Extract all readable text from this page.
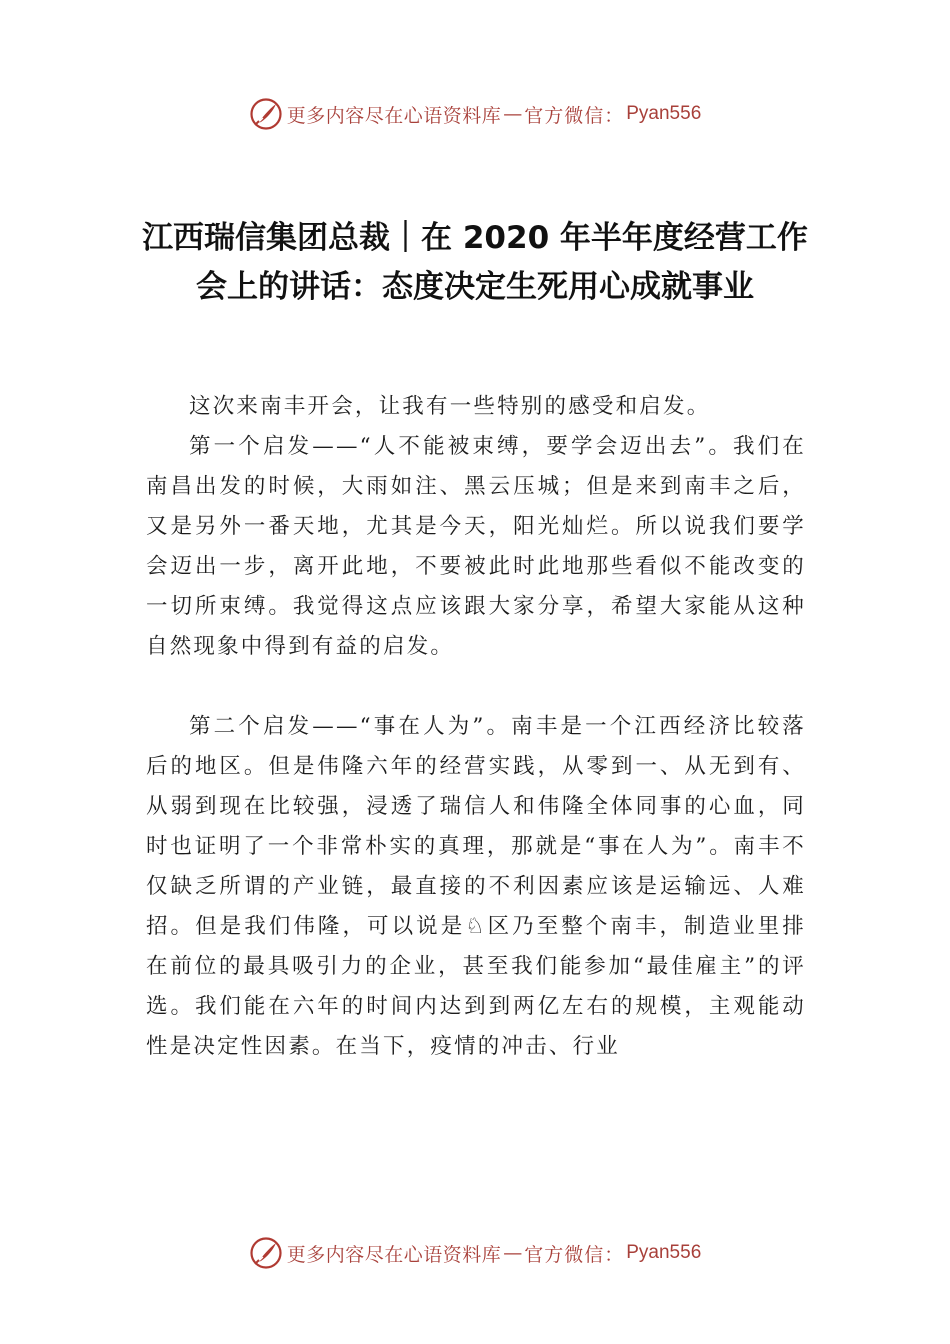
更多内容尽在心语资料库 — 官方微信： Pyan556
江西瑞信集团总裁｜在 2020 年半年度经营工作会上的讲话：态度决定生死用心成就事业

这次来南丰开会，让我有一些特别的感受和启发。

第一个启发——“人不能被束缚，要学会迈出去”。我们在南昌出发的时候，大雨如注、黑云压城；但是来到南丰之后，又是另外一番天地，尤其是今天，阳光灿烂。所以说我们要学会迈出一步，离开此地，不要被此时此地那些看似不能改变的一切所束缚。我觉得这点应该跟大家分享，希望大家能从这种自然现象中得到有益的启发。

第二个启发——“事在人为”。南丰是一个江西经济比较落后的地区。但是伟隆六年的经营实践，从零到一、从无到有、从弱到现在比较强，浸透了瑞信人和伟隆全体同事的心血，同时也证明了一个非常朴实的真理，那就是“事在人为”。南丰不仅缺乏所谓的产业链，最直接的不利因素应该是运输远、人难招。但是我们伟隆，可以说是♘区乃至整个南丰，制造业里排在前位的最具吸引力的企业，甚至我们能参加“最佳雇主”的评选。我们能在六年的时间内达到到两亿左右的规模，主观能动性是决定性因素。在当下，疫情的冲击、行业

更多内容尽在心语资料库 — 官方微信： Pyan556
